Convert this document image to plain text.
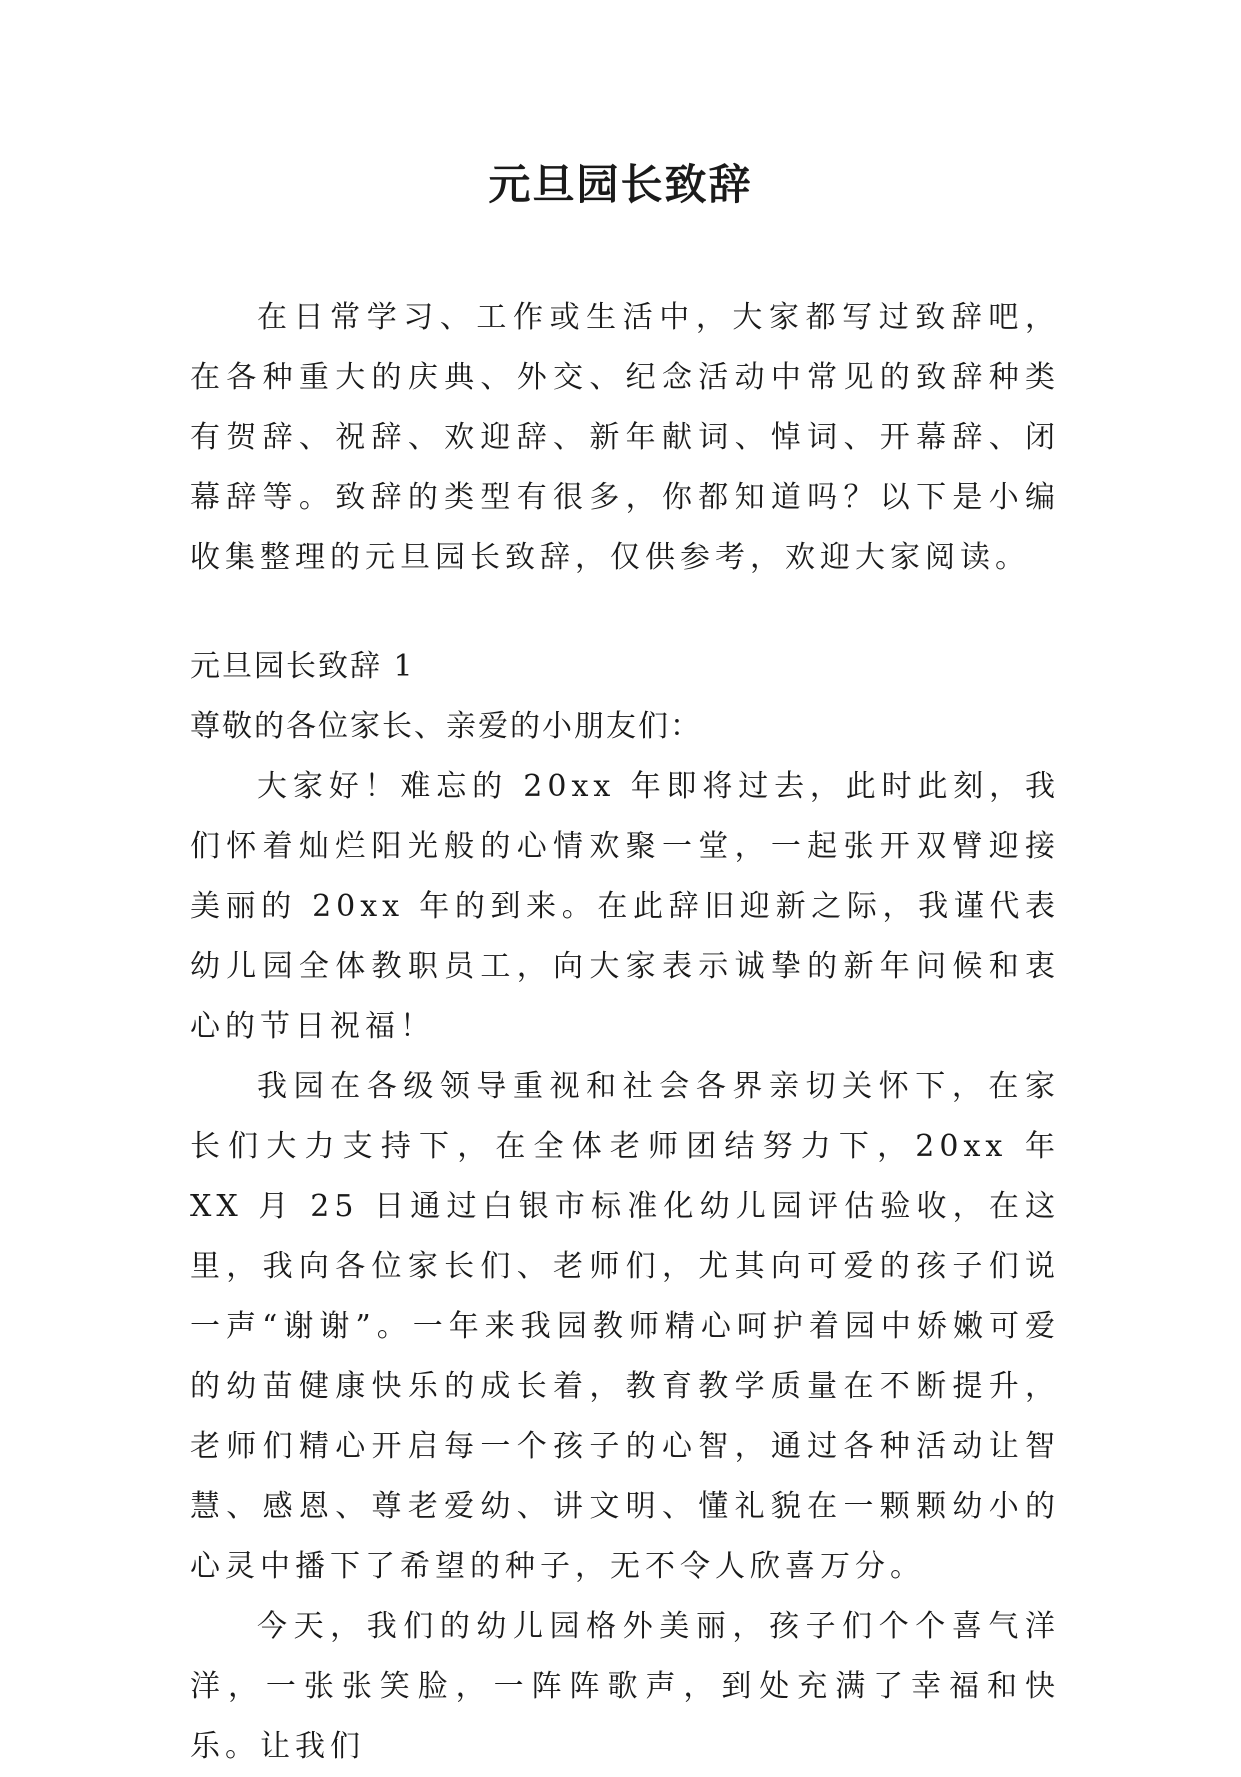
元旦园长致辞

在日常学习、工作或生活中，大家都写过致辞吧，在各种重大的庆典、外交、纪念活动中常见的致辞种类有贺辞、祝辞、欢迎辞、新年献词、悼词、开幕辞、闭幕辞等。致辞的类型有很多，你都知道吗？以下是小编收集整理的元旦园长致辞，仅供参考，欢迎大家阅读。

元旦园长致辞 1

尊敬的各位家长、亲爱的小朋友们：

大家好！难忘的 20xx 年即将过去，此时此刻，我们怀着灿烂阳光般的心情欢聚一堂，一起张开双臂迎接美丽的 20xx 年的到来。在此辞旧迎新之际，我谨代表幼儿园全体教职员工，向大家表示诚挚的新年问候和衷心的节日祝福！

我园在各级领导重视和社会各界亲切关怀下，在家长们大力支持下，在全体老师团结努力下，20xx 年 XX 月 25 日通过白银市标准化幼儿园评估验收，在这里，我向各位家长们、老师们，尤其向可爱的孩子们说一声“谢谢”。一年来我园教师精心呵护着园中娇嫩可爱的幼苗健康快乐的成长着，教育教学质量在不断提升，老师们精心开启每一个孩子的心智，通过各种活动让智慧、感恩、尊老爱幼、讲文明、懂礼貌在一颗颗幼小的心灵中播下了希望的种子，无不令人欣喜万分。

今天，我们的幼儿园格外美丽，孩子们个个喜气洋洋，一张张笑脸，一阵阵歌声，到处充满了幸福和快乐。让我们
